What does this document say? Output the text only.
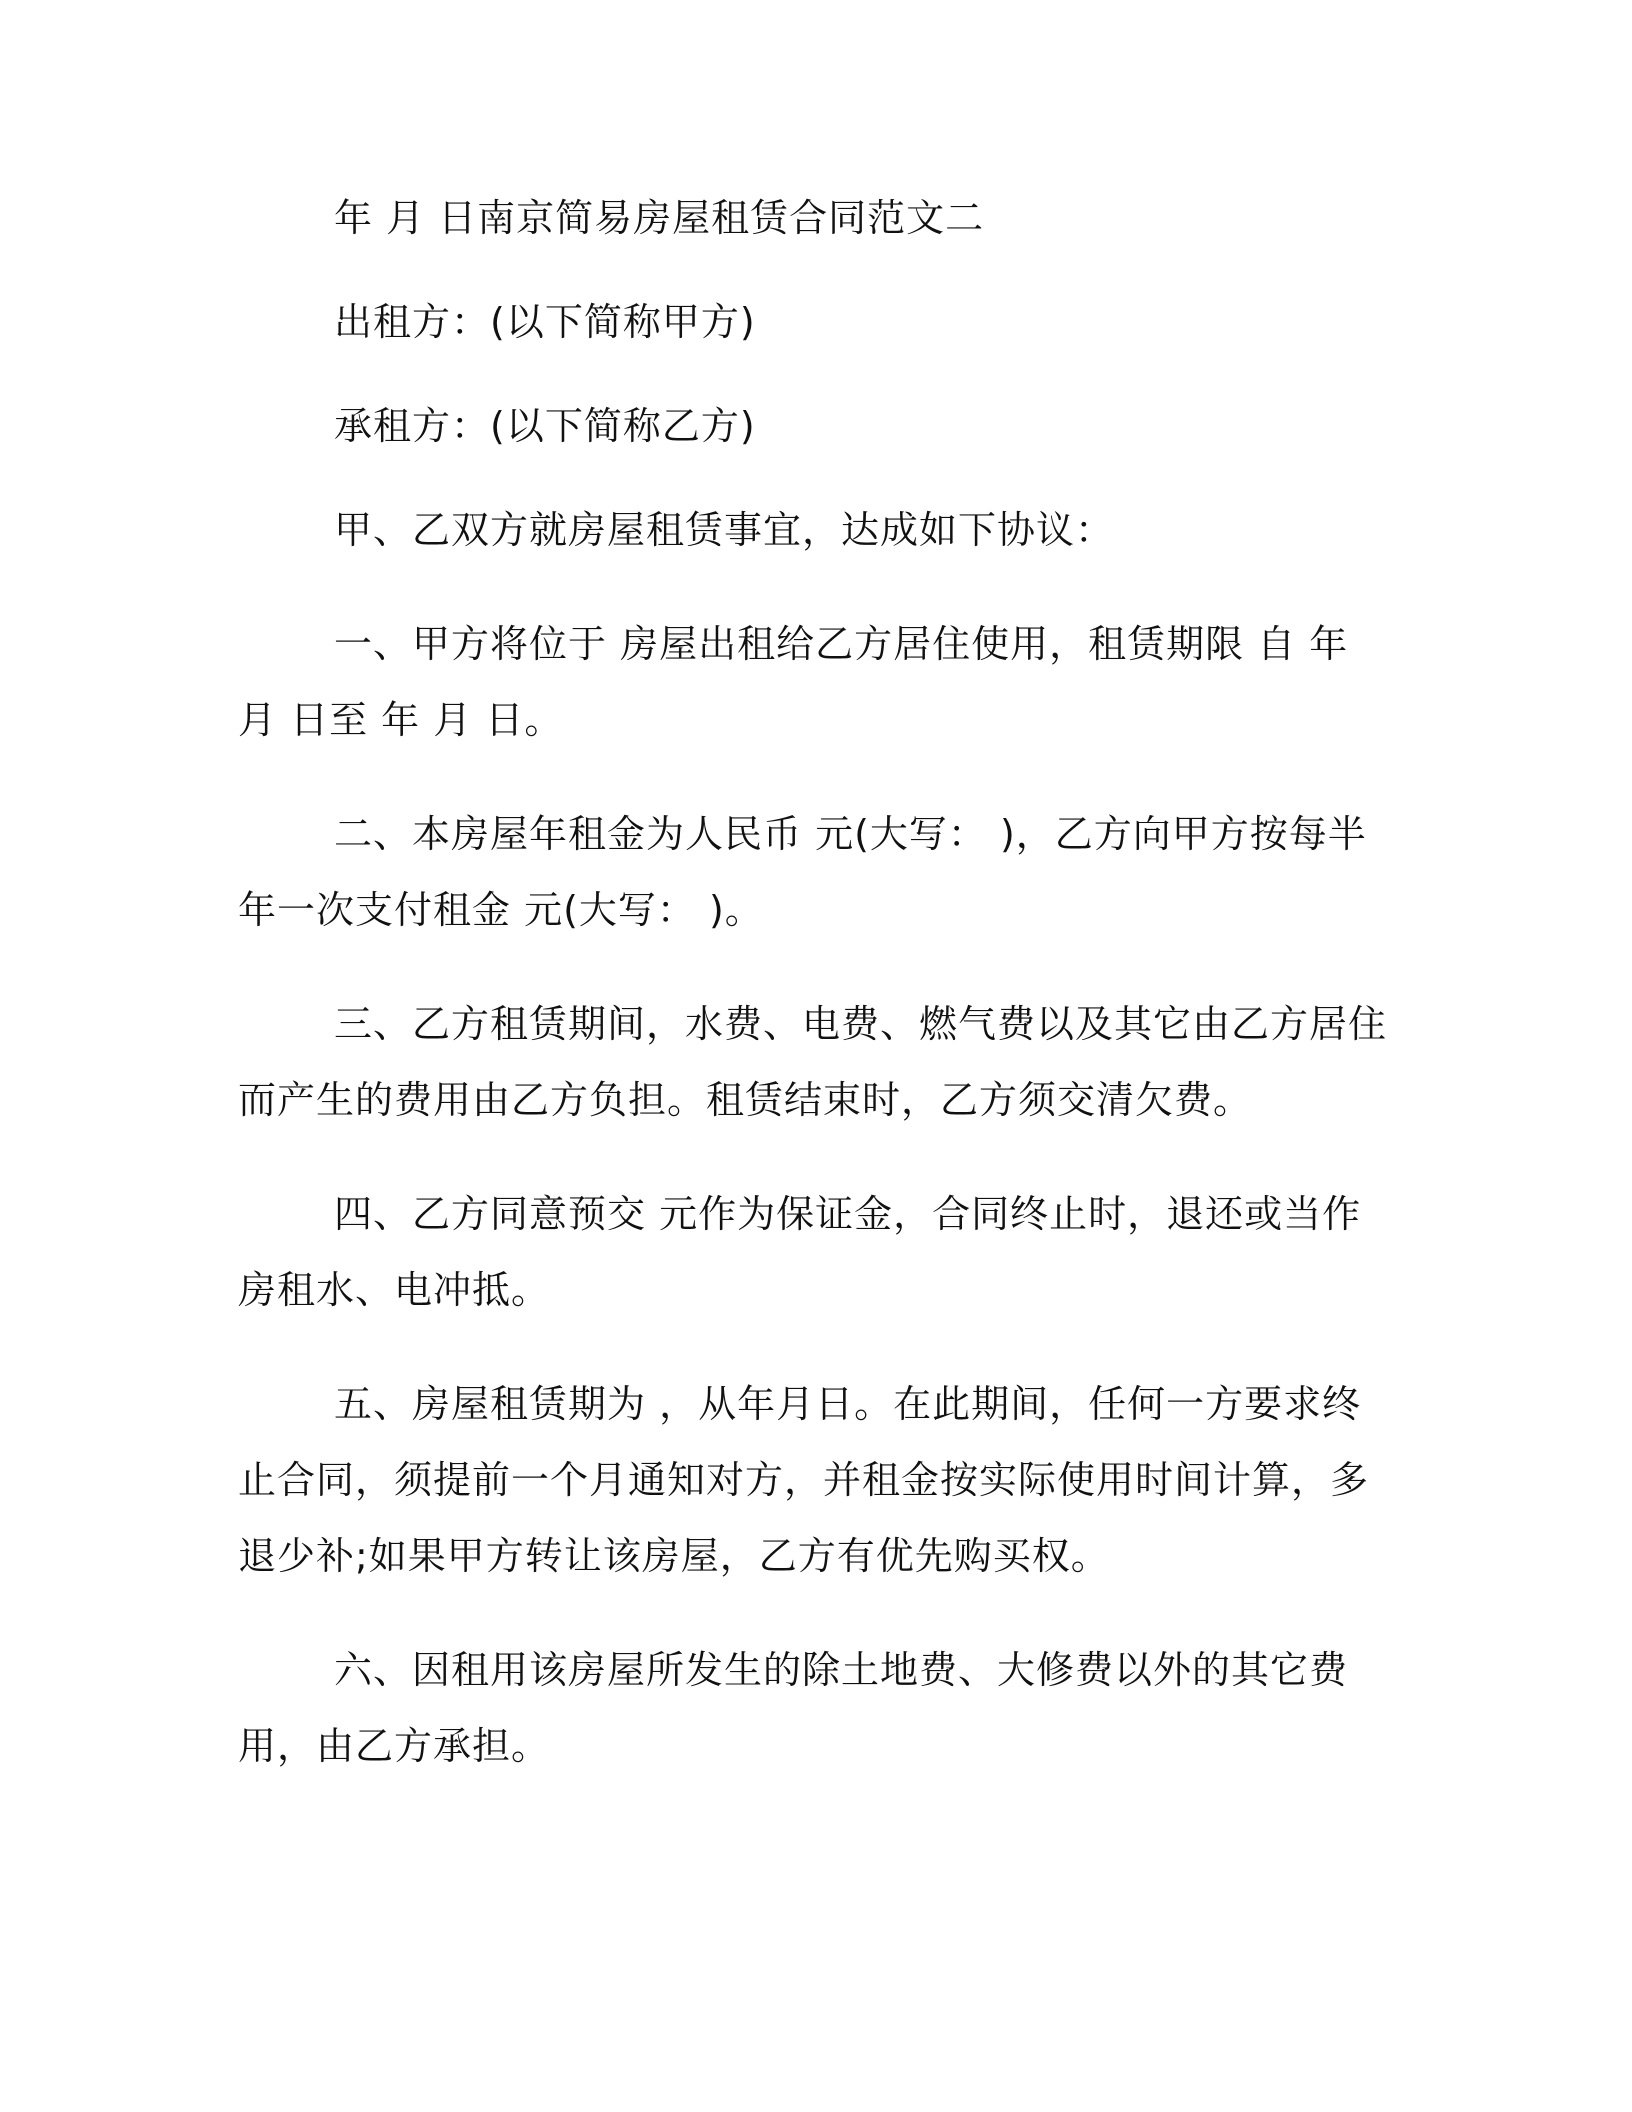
年 月 日南京简易房屋租赁合同范文二

出租方：(以下简称甲方)

承租方：(以下简称乙方)

甲、乙双方就房屋租赁事宜，达成如下协议：

一、甲方将位于 房屋出租给乙方居住使用，租赁期限 自 年 月 日至 年 月 日。

二、本房屋年租金为人民币 元(大写： )，乙方向甲方按每半年一次支付租金 元(大写： )。

三、乙方租赁期间，水费、电费、燃气费以及其它由乙方居住而产生的费用由乙方负担。租赁结束时，乙方须交清欠费。

四、乙方同意预交 元作为保证金，合同终止时，退还或当作房租水、电冲抵。

五、房屋租赁期为 ，从年月日。在此期间，任何一方要求终止合同，须提前一个月通知对方，并租金按实际使用时间计算，多退少补;如果甲方转让该房屋，乙方有优先购买权。

六、因租用该房屋所发生的除土地费、大修费以外的其它费用，由乙方承担。
